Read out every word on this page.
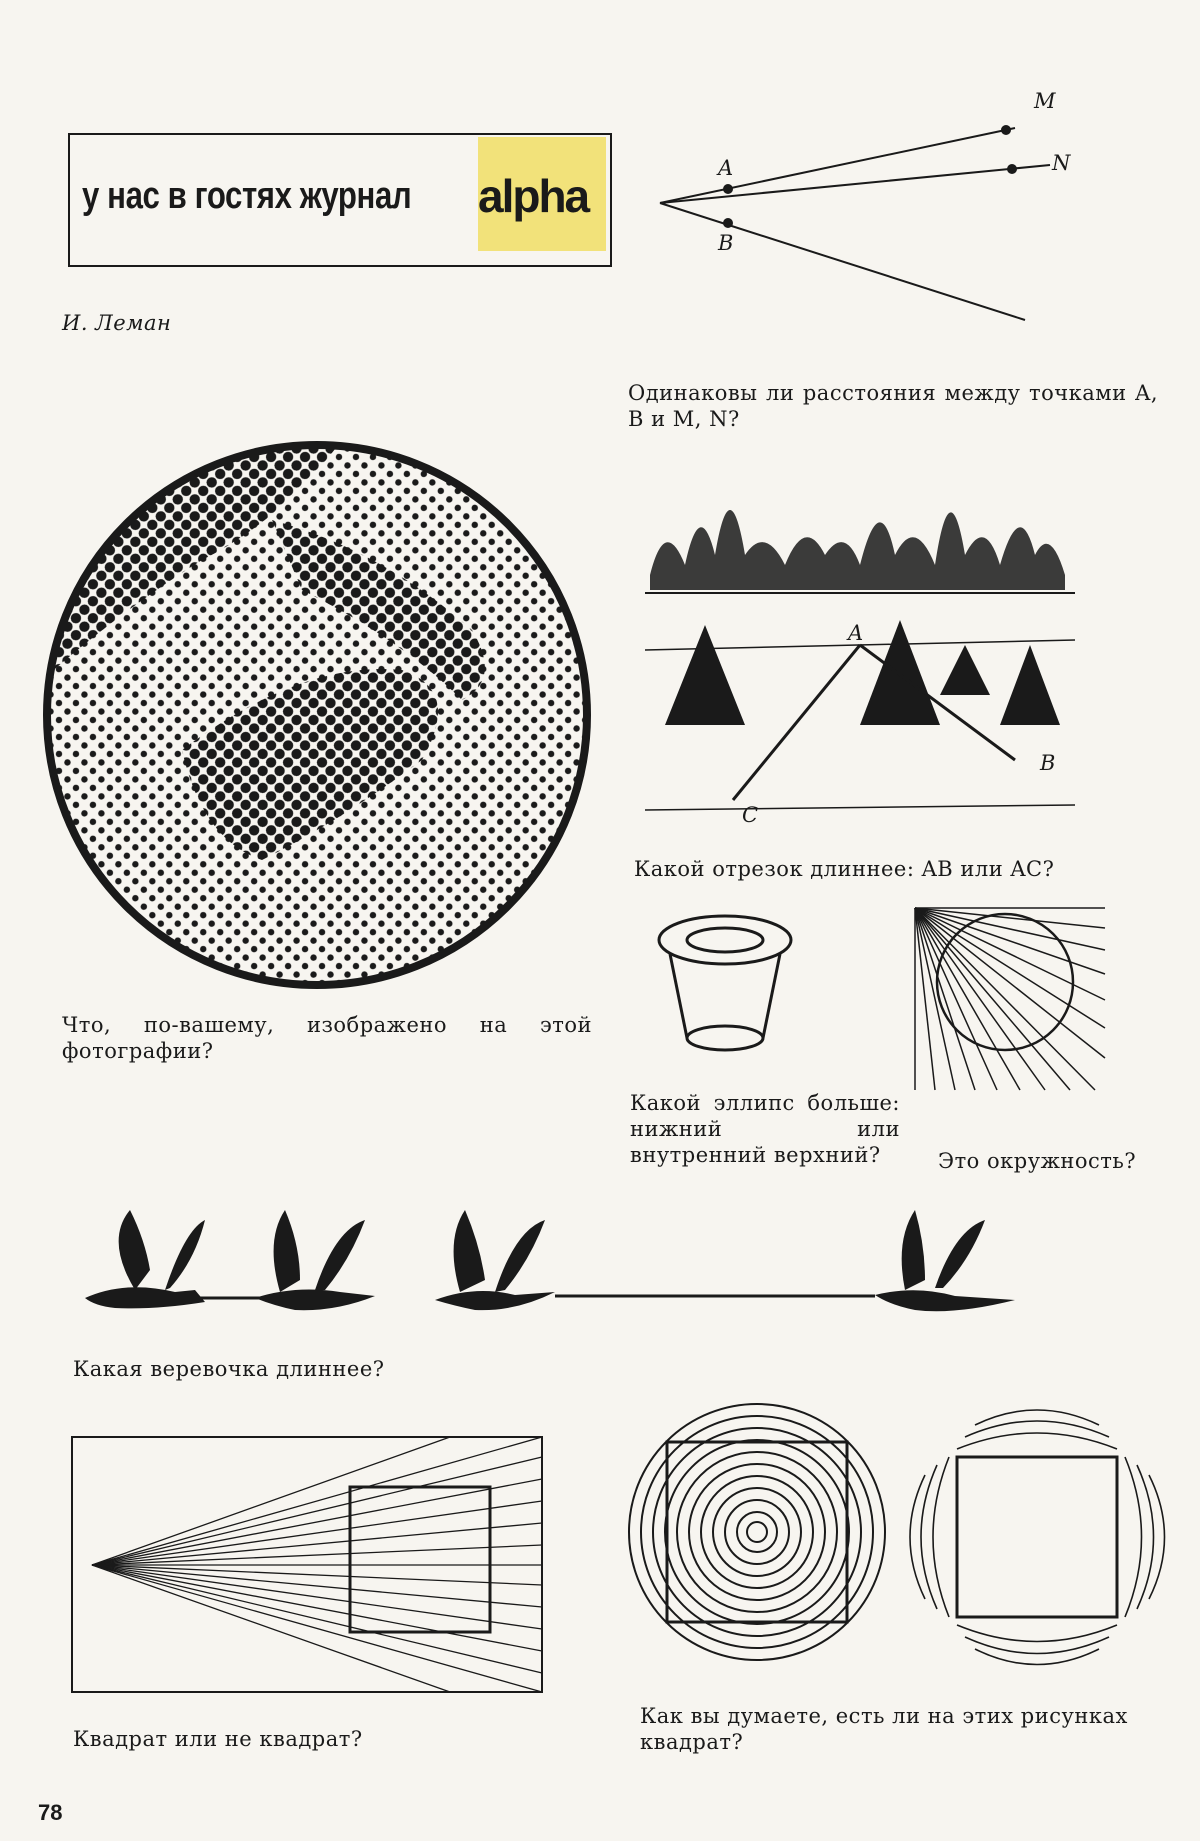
у нас в гостях журнал alpha
И. Леман
M
N
A
B
Одинаковы ли расстояния между точками A, B и M, N?
Что, по-вашему, изображено на этой фотографии?
A
B
C
Какой отрезок длиннее: AB или AC?
Какой эллипс больше: нижний или внутренний верхний?	Это окружность?
Какая веревочка длиннее?
Квадрат или не квадрат?
Как вы думаете, есть ли на этих рисунках квадрат?
78
